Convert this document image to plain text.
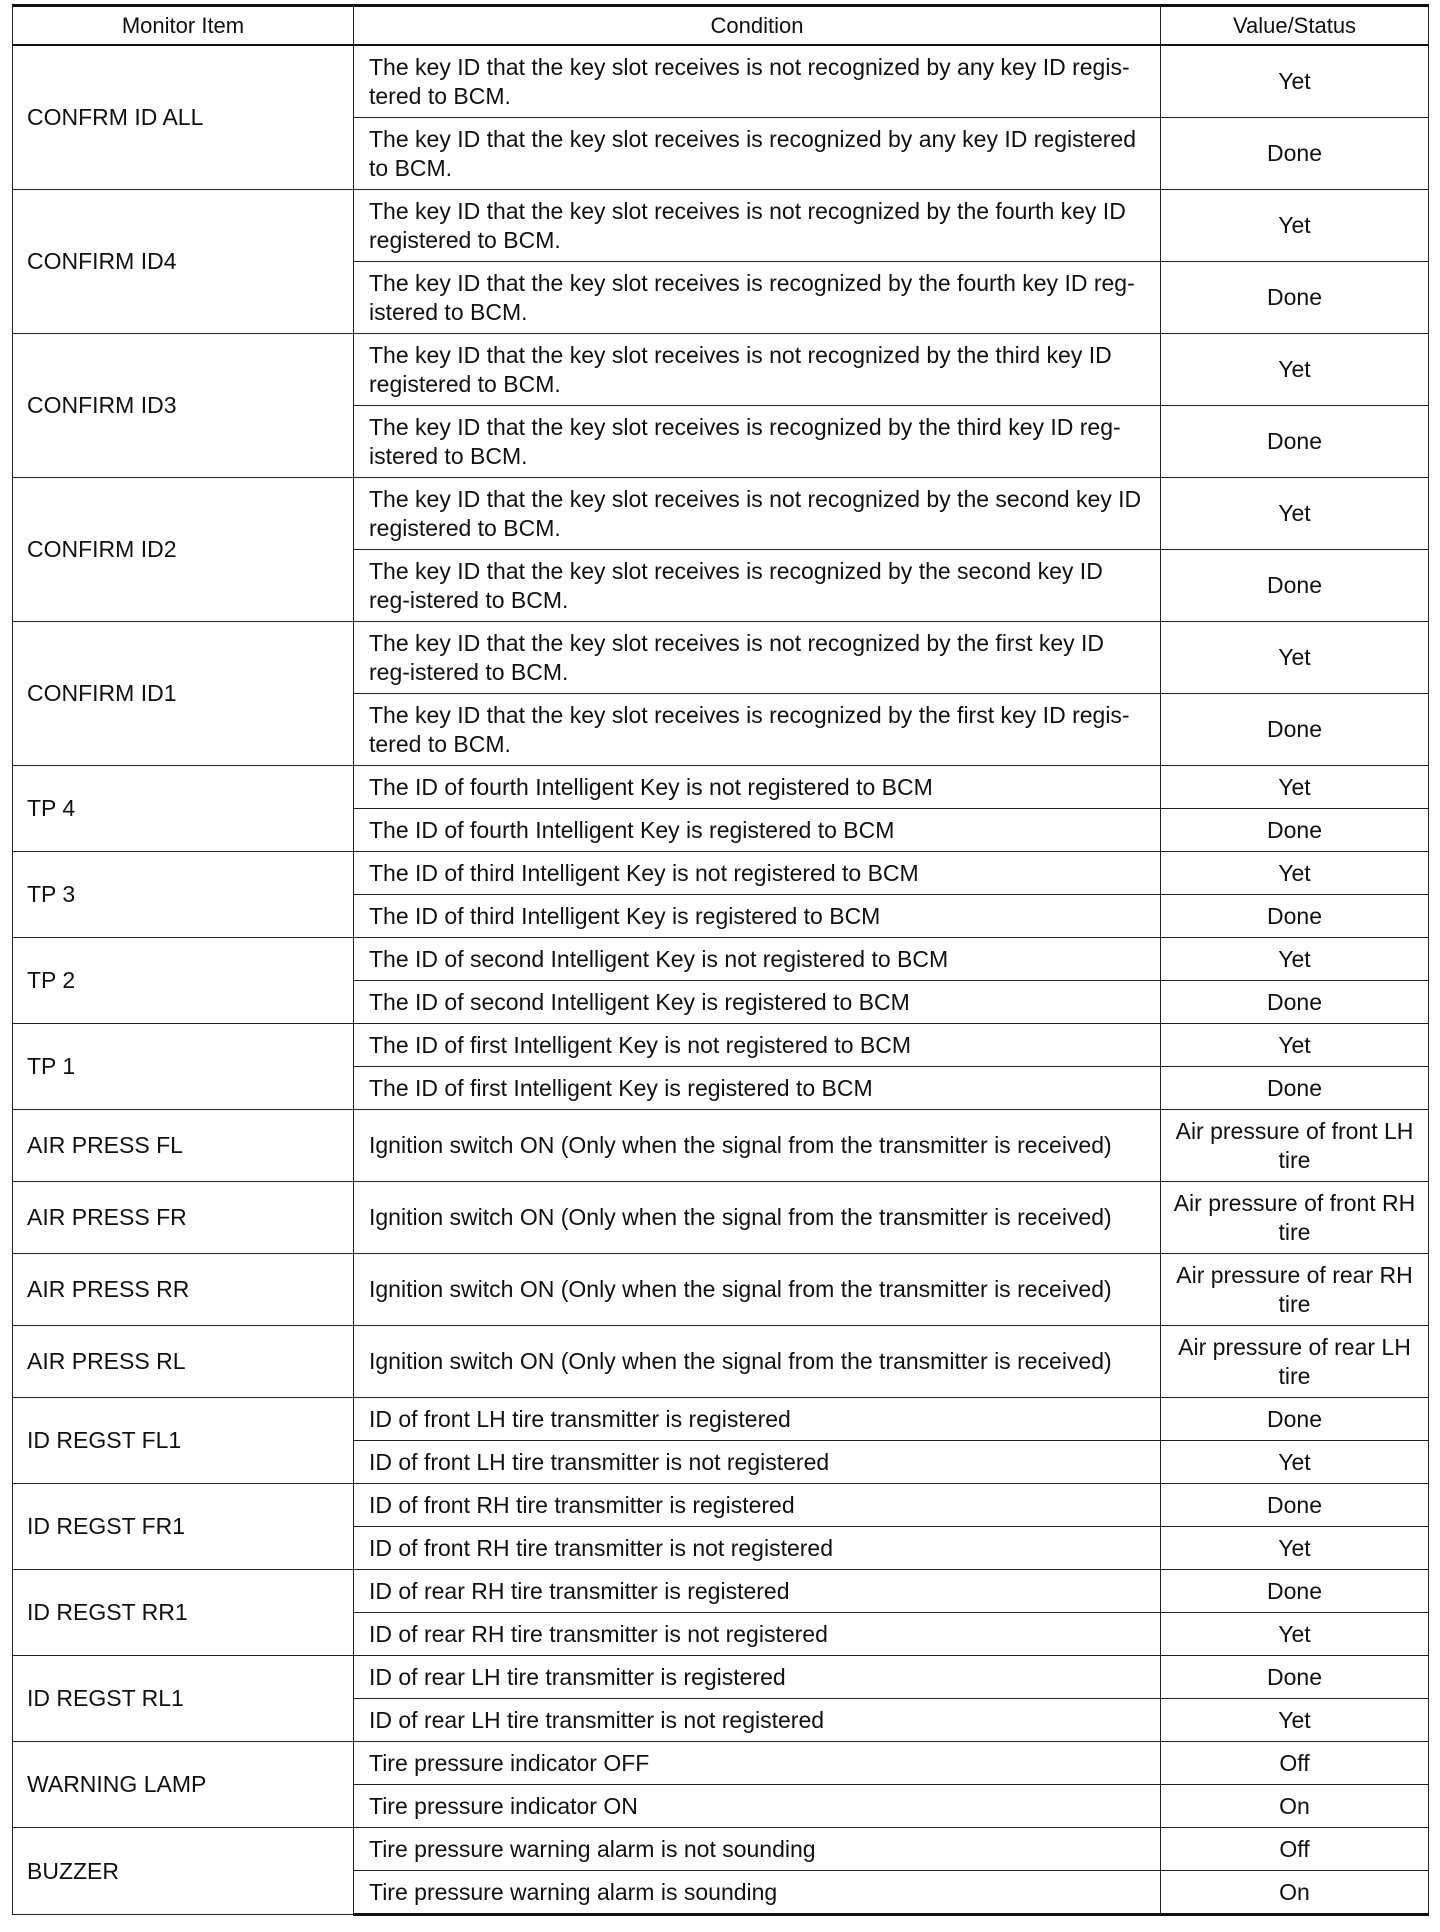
Monitor Item	Condition	Value/Status
CONFRM ID ALL	The key ID that the key slot receives is not recognized by any key ID regis-tered to BCM.	Yet
	The key ID that the key slot receives is recognized by any key ID registered to BCM.	Done
CONFIRM ID4	The key ID that the key slot receives is not recognized by the fourth key ID registered to BCM.	Yet
	The key ID that the key slot receives is recognized by the fourth key ID reg-istered to BCM.	Done
CONFIRM ID3	The key ID that the key slot receives is not recognized by the third key ID registered to BCM.	Yet
	The key ID that the key slot receives is recognized by the third key ID reg-istered to BCM.	Done
CONFIRM ID2	The key ID that the key slot receives is not recognized by the second key ID registered to BCM.	Yet
	The key ID that the key slot receives is recognized by the second key ID reg-istered to BCM.	Done
CONFIRM ID1	The key ID that the key slot receives is not recognized by the first key ID reg-istered to BCM.	Yet
	The key ID that the key slot receives is recognized by the first key ID regis-tered to BCM.	Done
TP 4	The ID of fourth Intelligent Key is not registered to BCM	Yet
	The ID of fourth Intelligent Key is registered to BCM	Done
TP 3	The ID of third Intelligent Key is not registered to BCM	Yet
	The ID of third Intelligent Key is registered to BCM	Done
TP 2	The ID of second Intelligent Key is not registered to BCM	Yet
	The ID of second Intelligent Key is registered to BCM	Done
TP 1	The ID of first Intelligent Key is not registered to BCM	Yet
	The ID of first Intelligent Key is registered to BCM	Done
AIR PRESS FL	Ignition switch ON (Only when the signal from the transmitter is received)	Air pressure of front LH tire
AIR PRESS FR	Ignition switch ON (Only when the signal from the transmitter is received)	Air pressure of front RH tire
AIR PRESS RR	Ignition switch ON (Only when the signal from the transmitter is received)	Air pressure of rear RH tire
AIR PRESS RL	Ignition switch ON (Only when the signal from the transmitter is received)	Air pressure of rear LH tire
ID REGST FL1	ID of front LH tire transmitter is registered	Done
	ID of front LH tire transmitter is not registered	Yet
ID REGST FR1	ID of front RH tire transmitter is registered	Done
	ID of front RH tire transmitter is not registered	Yet
ID REGST RR1	ID of rear RH tire transmitter is registered	Done
	ID of rear RH tire transmitter is not registered	Yet
ID REGST RL1	ID of rear LH tire transmitter is registered	Done
	ID of rear LH tire transmitter is not registered	Yet
WARNING LAMP	Tire pressure indicator OFF	Off
	Tire pressure indicator ON	On
BUZZER	Tire pressure warning alarm is not sounding	Off
	Tire pressure warning alarm is sounding	On
